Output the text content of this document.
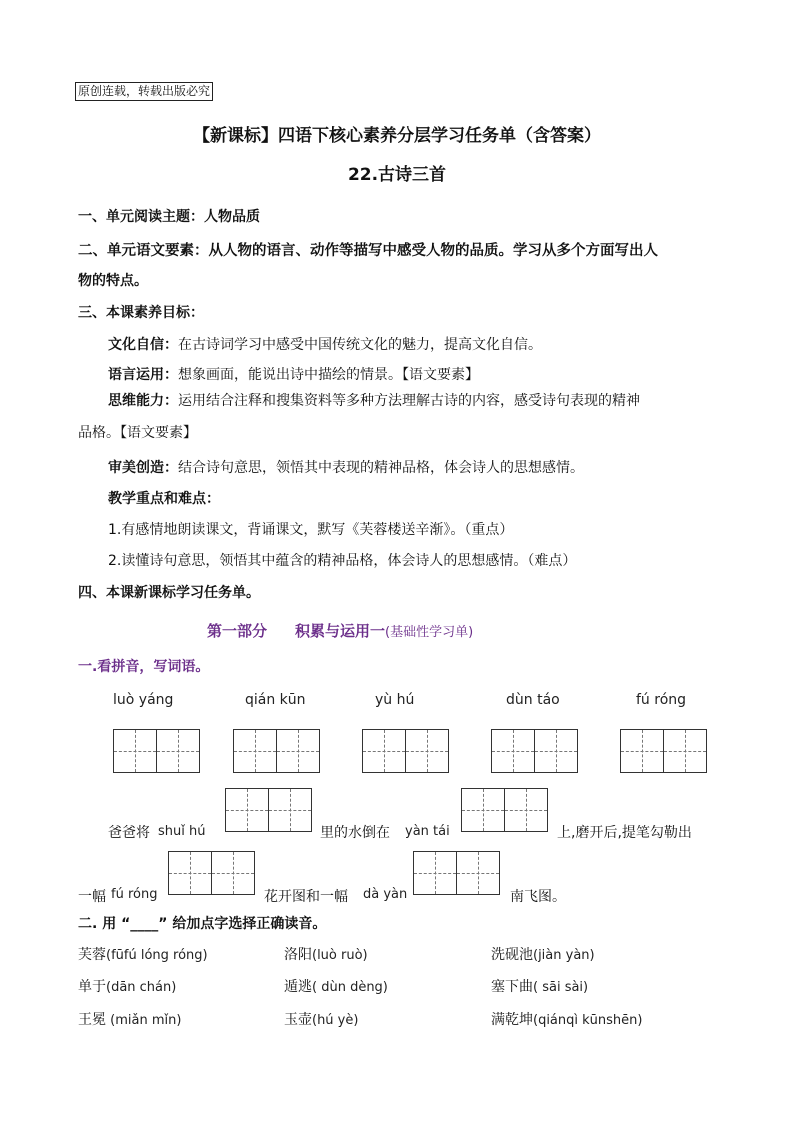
原创连载，转载出版必究
【新课标】四语下核心素养分层学习任务单（含答案）
22.古诗三首
一、单元阅读主题：人物品质
二、单元语文要素：从人物的语言、动作等描写中感受人物的品质。学习从多个方面写出人
物的特点。
三、本课素养目标：
文化自信：在古诗词学习中感受中国传统文化的魅力，提高文化自信。
语言运用：想象画面，能说出诗中描绘的情景。【语文要素】
思维能力：运用结合注释和搜集资料等多种方法理解古诗的内容，感受诗句表现的精神
品格。【语文要素】
审美创造：结合诗句意思，领悟其中表现的精神品格，体会诗人的思想感情。
教学重点和难点：
1.有感情地朗读课文，背诵课文，默写《芙蓉楼送辛渐》。（重点）
2.读懂诗句意思，领悟其中蕴含的精神品格，体会诗人的思想感情。（难点）
四、本课新课标学习任务单。
第一部分 积累与运用一(基础性学习单)
一.看拼音，写词语。
luò yáng	qián kūn	yù hú	dùn táo	fú róng
爸爸将 shuǐ hú	里的水倒在 yàn tái	上,磨开后,提笔勾勒出
一幅 fú róng	花开图和一幅 dà yàn	南飞图。
二. 用 “____” 给加点字选择正确读音。
芙蓉(fūfú lóng róng)	洛阳(luò ruò)	洗砚池(jiàn yàn)
单于(dān chán)	遁逃( dùn dèng)	塞下曲( sāi sài)
王冕 (miǎn mǐn)	玉壶(hú yè)	满乾坤(qiánqì kūnshēn)
